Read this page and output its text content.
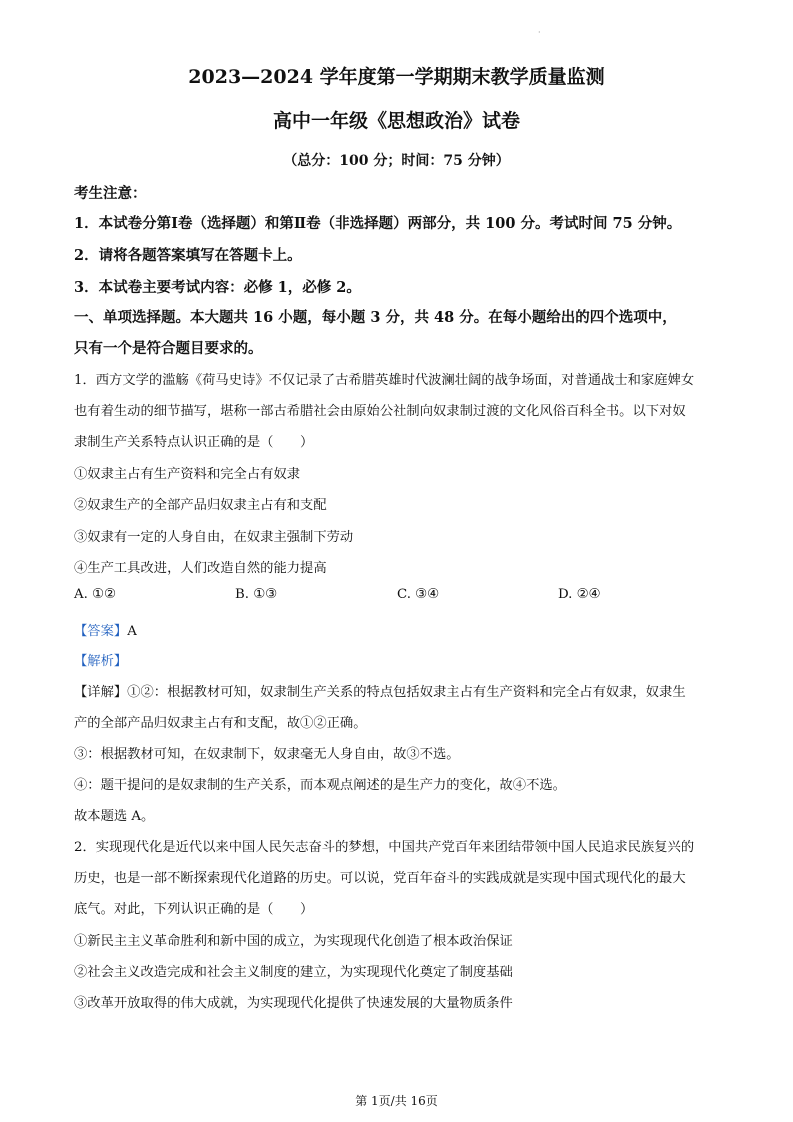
·
2023—2024 学年度第一学期期末教学质量监测
高中一年级《思想政治》试卷
（总分：100 分；时间：75 分钟）
考生注意：
1．本试卷分第Ⅰ卷（选择题）和第Ⅱ卷（非选择题）两部分，共 100 分。考试时间 75 分钟。
2．请将各题答案填写在答题卡上。
3．本试卷主要考试内容：必修 1，必修 2。
一、单项选择题。本大题共 16 小题，每小题 3 分，共 48 分。在每小题给出的四个选项中，
只有一个是符合题目要求的。
1．西方文学的滥觞《荷马史诗》不仅记录了古希腊英雄时代波澜壮阔的战争场面，对普通战士和家庭婢女
也有着生动的细节描写，堪称一部古希腊社会由原始公社制向奴隶制过渡的文化风俗百科全书。以下对奴
隶制生产关系特点认识正确的是（　　）
①奴隶主占有生产资料和完全占有奴隶
②奴隶生产的全部产品归奴隶主占有和支配
③奴隶有一定的人身自由，在奴隶主强制下劳动
④生产工具改进，人们改造自然的能力提高
A. ①②	B. ①③	C. ③④	D. ②④
【答案】A
【解析】
【详解】①②：根据教材可知，奴隶制生产关系的特点包括奴隶主占有生产资料和完全占有奴隶，奴隶生
产的全部产品归奴隶主占有和支配，故①②正确。
③：根据教材可知，在奴隶制下，奴隶毫无人身自由，故③不选。
④：题干提问的是奴隶制的生产关系，而本观点阐述的是生产力的变化，故④不选。
故本题选 A。
2．实现现代化是近代以来中国人民矢志奋斗的梦想，中国共产党百年来团结带领中国人民追求民族复兴的
历史，也是一部不断探索现代化道路的历史。可以说，党百年奋斗的实践成就是实现中国式现代化的最大
底气。对此，下列认识正确的是（　　）
①新民主主义革命胜利和新中国的成立，为实现现代化创造了根本政治保证
②社会主义改造完成和社会主义制度的建立，为实现现代化奠定了制度基础
③改革开放取得的伟大成就，为实现现代化提供了快速发展的大量物质条件
第 1页/共 16页
